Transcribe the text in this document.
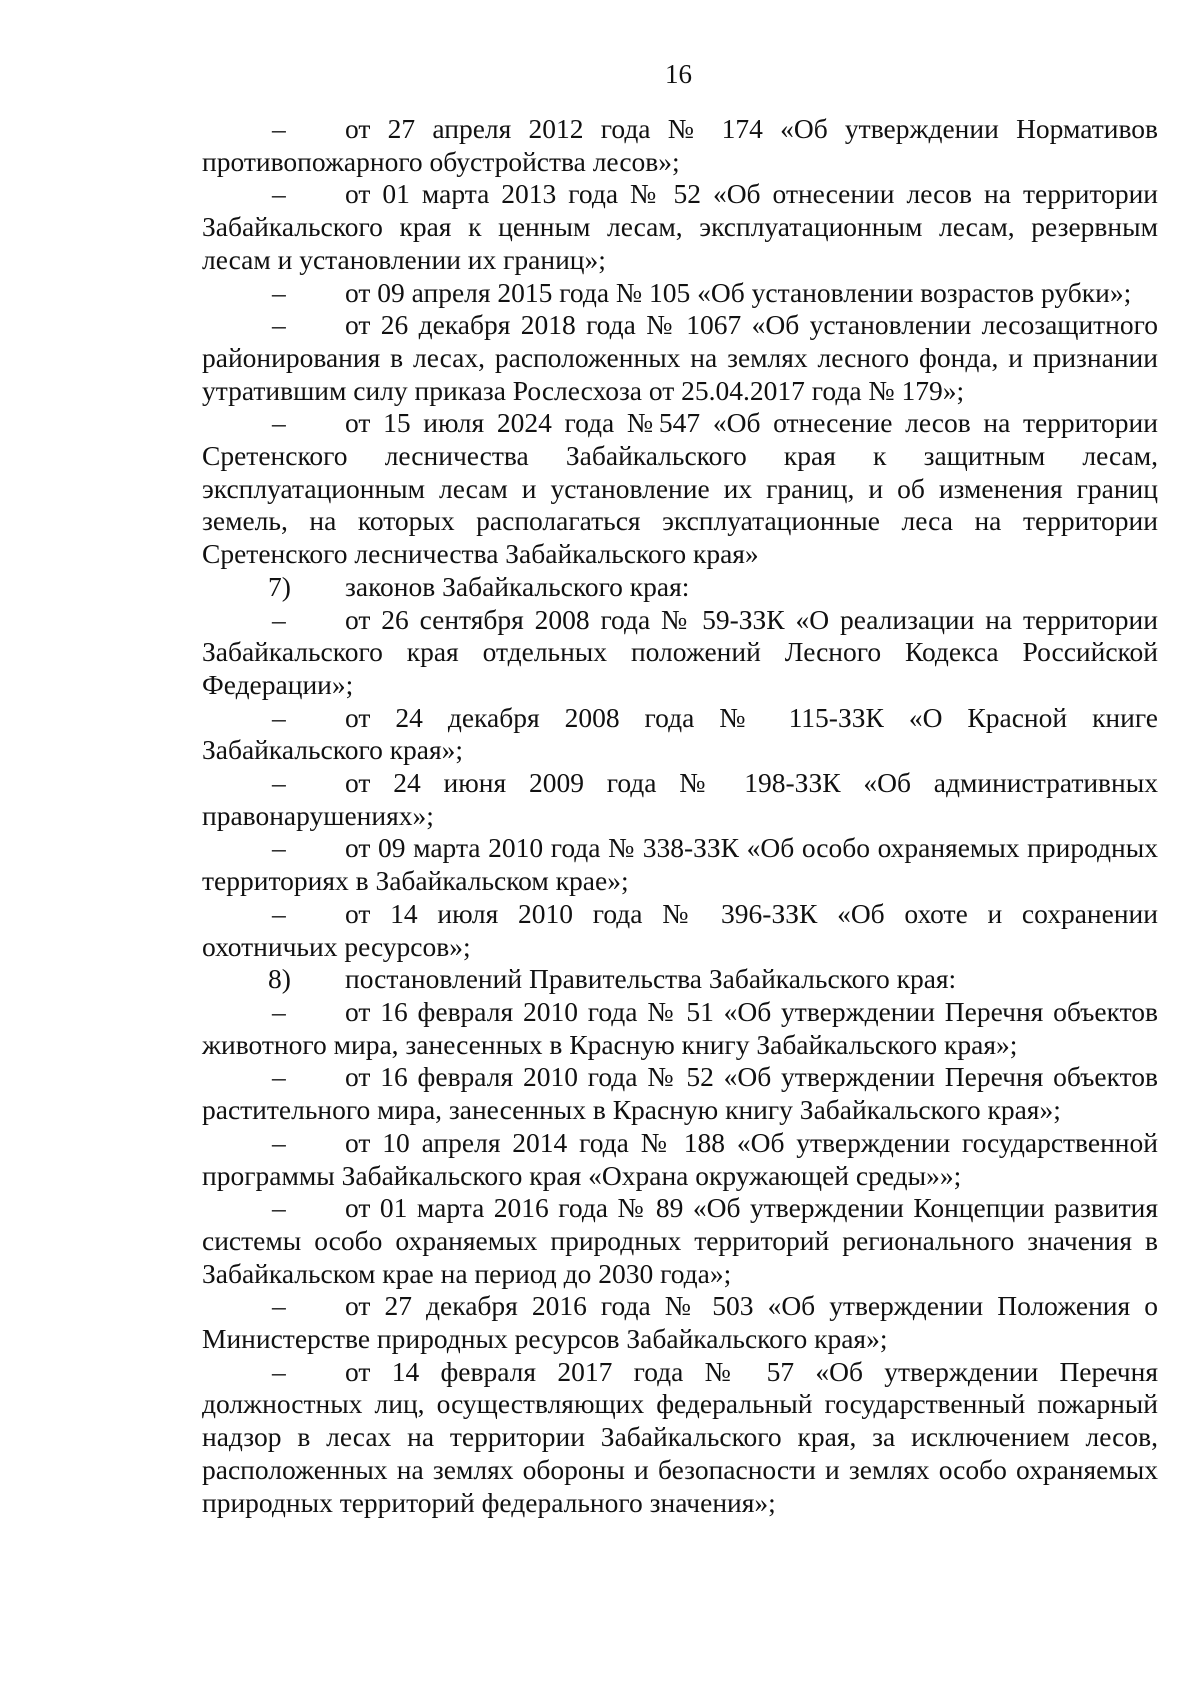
16

–	от 27 апреля 2012 года № 174 «Об утверждении Нормативов противопожарного обустройства лесов»;

–	от 01 марта 2013 года № 52 «Об отнесении лесов на территории Забайкальского края к ценным лесам, эксплуатационным лесам, резервным лесам и установлении их границ»;

–	от 09 апреля 2015 года № 105 «Об установлении возрастов рубки»;

–	от 26 декабря 2018 года № 1067 «Об установлении лесозащитного районирования в лесах, расположенных на землях лесного фонда, и признании утратившим силу приказа Рослесхоза от 25.04.2017 года № 179»;

–	от 15 июля 2024 года №547 «Об отнесение лесов на территории Сретенского лесничества Забайкальского края к защитным лесам, эксплуатационным лесам и установление их границ, и об изменения границ земель, на которых располагаться эксплуатационные леса на территории Сретенского лесничества Забайкальского края»

7)	законов Забайкальского края:

–	от 26 сентября 2008 года № 59-ЗЗК «О реализации на территории Забайкальского края отдельных положений Лесного Кодекса Российской Федерации»;

–	от 24 декабря 2008 года № 115-ЗЗК «О Красной книге Забайкальского края»;

–	от 24 июня 2009 года № 198-ЗЗК «Об административных правонарушениях»;

–	от 09 марта 2010 года № 338-ЗЗК «Об особо охраняемых природных территориях в Забайкальском крае»;

–	от 14 июля 2010 года № 396-ЗЗК «Об охоте и сохранении охотничьих ресурсов»;

8)	постановлений Правительства Забайкальского края:

–	от 16 февраля 2010 года № 51 «Об утверждении Перечня объектов животного мира, занесенных в Красную книгу Забайкальского края»;

–	от 16 февраля 2010 года № 52 «Об утверждении Перечня объектов растительного мира, занесенных в Красную книгу Забайкальского края»;

–	от 10 апреля 2014 года № 188 «Об утверждении государственной программы Забайкальского края «Охрана окружающей среды»»;

–	от 01 марта 2016 года № 89 «Об утверждении Концепции развития системы особо охраняемых природных территорий регионального значения в Забайкальском крае на период до 2030 года»;

–	от 27 декабря 2016 года № 503 «Об утверждении Положения о Министерстве природных ресурсов Забайкальского края»;

–	от 14 февраля 2017 года № 57 «Об утверждении Перечня должностных лиц, осуществляющих федеральный государственный пожарный надзор в лесах на территории Забайкальского края, за исключением лесов, расположенных на землях обороны и безопасности и землях особо охраняемых природных территорий федерального значения»;
